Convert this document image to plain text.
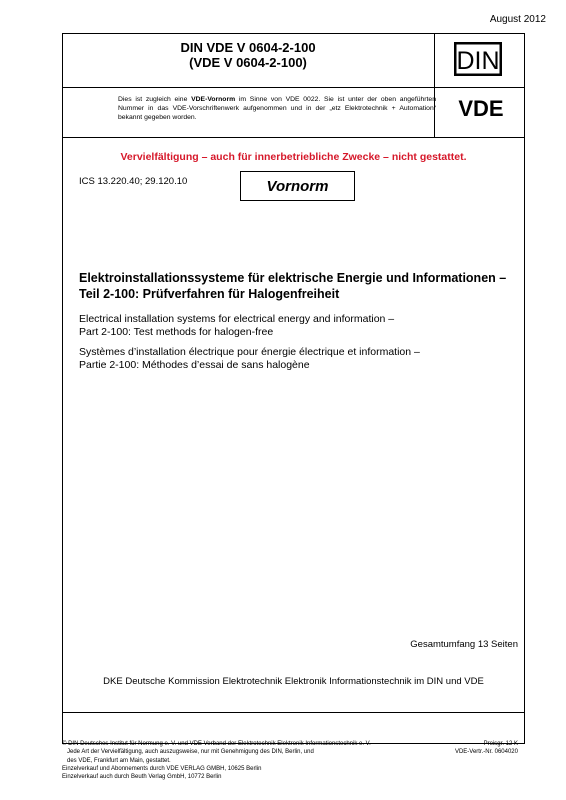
August 2012
DIN VDE V 0604-2-100
(VDE V 0604-2-100)	DIN
Dies ist zugleich eine VDE-Vornorm im Sinne von VDE 0022. Sie ist unter der oben angeführten Nummer in das VDE-Vorschriftenwerk aufgenommen und in der „etz Elektrotechnik + Automation“ bekannt gegeben worden.	VDE
Vervielfältigung – auch für innerbetriebliche Zwecke – nicht gestattet.
ICS 13.220.40; 29.120.10	Vornorm
Elektroinstallationssysteme für elektrische Energie und Informationen –
Teil 2-100: Prüfverfahren für Halogenfreiheit
Electrical installation systems for electrical energy and information –
Part 2-100: Test methods for halogen-free
Systèmes d’installation électrique pour énergie électrique et information –
Partie 2-100: Méthodes d’essai de sans halogène
Gesamtumfang 13 Seiten
DKE Deutsche Kommission Elektrotechnik Elektronik Informationstechnik im DIN und VDE
© DIN Deutsches Institut für Normung e. V. und VDE Verband der Elektrotechnik Elektronik Informationstechnik e. V.
Jede Art der Vervielfältigung, auch auszugsweise, nur mit Genehmigung des DIN, Berlin, und
des VDE, Frankfurt am Main, gestattet.
Einzelverkauf und Abonnements durch VDE VERLAG GMBH, 10625 Berlin
Einzelverkauf auch durch Beuth Verlag GmbH, 10772 Berlin
Preisgr. 12 K
VDE-Vertr.-Nr. 0604020
